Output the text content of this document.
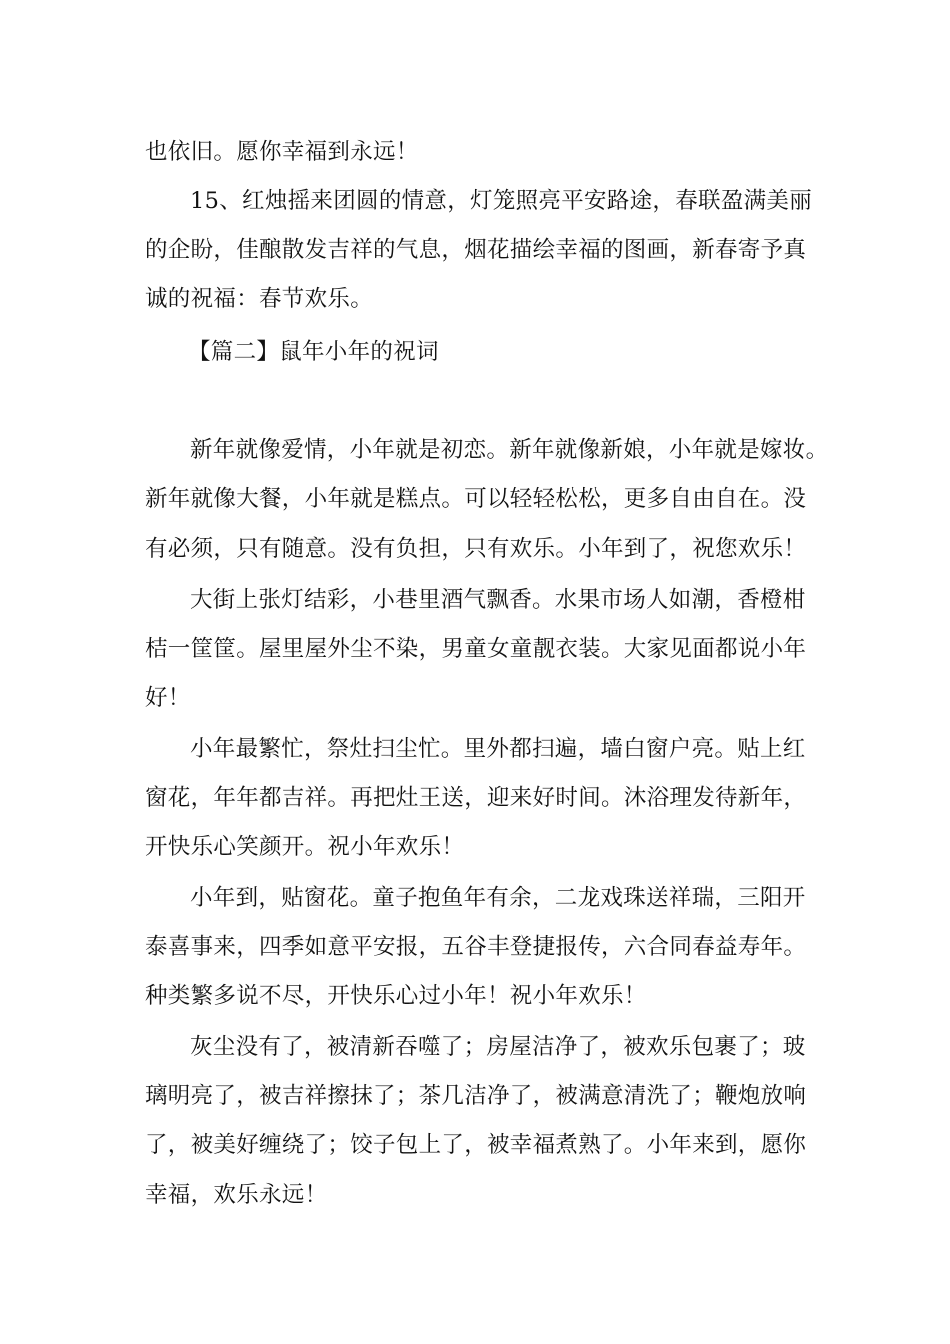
也依旧。愿你幸福到永远！
15、红烛摇来团圆的情意，灯笼照亮平安路途，春联盈满美丽
的企盼，佳酿散发吉祥的气息，烟花描绘幸福的图画，新春寄予真
诚的祝福：春节欢乐。
【篇二】鼠年小年的祝词
新年就像爱情，小年就是初恋。新年就像新娘，小年就是嫁妆。
新年就像大餐，小年就是糕点。可以轻轻松松，更多自由自在。没
有必须，只有随意。没有负担，只有欢乐。小年到了，祝您欢乐！
大街上张灯结彩，小巷里酒气飘香。水果市场人如潮，香橙柑
桔一筐筐。屋里屋外尘不染，男童女童靓衣装。大家见面都说小年
好！
小年最繁忙，祭灶扫尘忙。里外都扫遍，墙白窗户亮。贴上红
窗花，年年都吉祥。再把灶王送，迎来好时间。沐浴理发待新年，
开快乐心笑颜开。祝小年欢乐！
小年到，贴窗花。童子抱鱼年有余，二龙戏珠送祥瑞，三阳开
泰喜事来，四季如意平安报，五谷丰登捷报传，六合同春益寿年。
种类繁多说不尽，开快乐心过小年！祝小年欢乐！
灰尘没有了，被清新吞噬了；房屋洁净了，被欢乐包裹了；玻
璃明亮了，被吉祥擦抹了；茶几洁净了，被满意清洗了；鞭炮放响
了，被美好缠绕了；饺子包上了，被幸福煮熟了。小年来到，愿你
幸福，欢乐永远！
